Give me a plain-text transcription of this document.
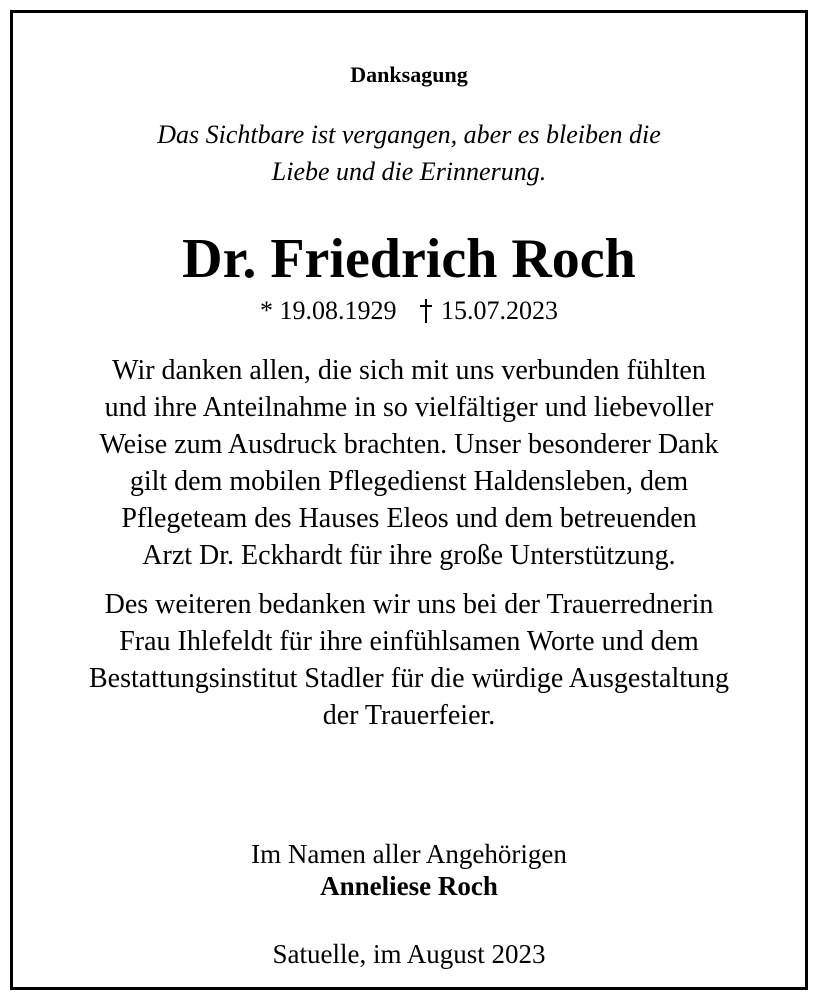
Danksagung

Das Sichtbare ist vergangen, aber es bleiben die

Liebe und die Erinnerung.

Dr. Friedrich Roch

* 19.08.1929 15.07.2023

Wir danken allen, die sich mit uns verbunden fühlten

und ihre Anteilnahme in so vielfältiger und liebevoller

Weise zum Ausdruck brachten. Unser besonderer Dank

gilt dem mobilen Pflegedienst Haldensleben, dem

Pflegeteam des Hauses Eleos und dem betreuenden

Arzt Dr. Eckhardt für ihre große Unterstützung.

Des weiteren bedanken wir uns bei der Trauerrednerin

Frau Ihlefeldt für ihre einfühlsamen Worte und dem

Bestattungsinstitut Stadler für die würdige Ausgestaltung

der Trauerfeier.

Im Namen aller Angehörigen

Anneliese Roch

Satuelle, im August 2023
